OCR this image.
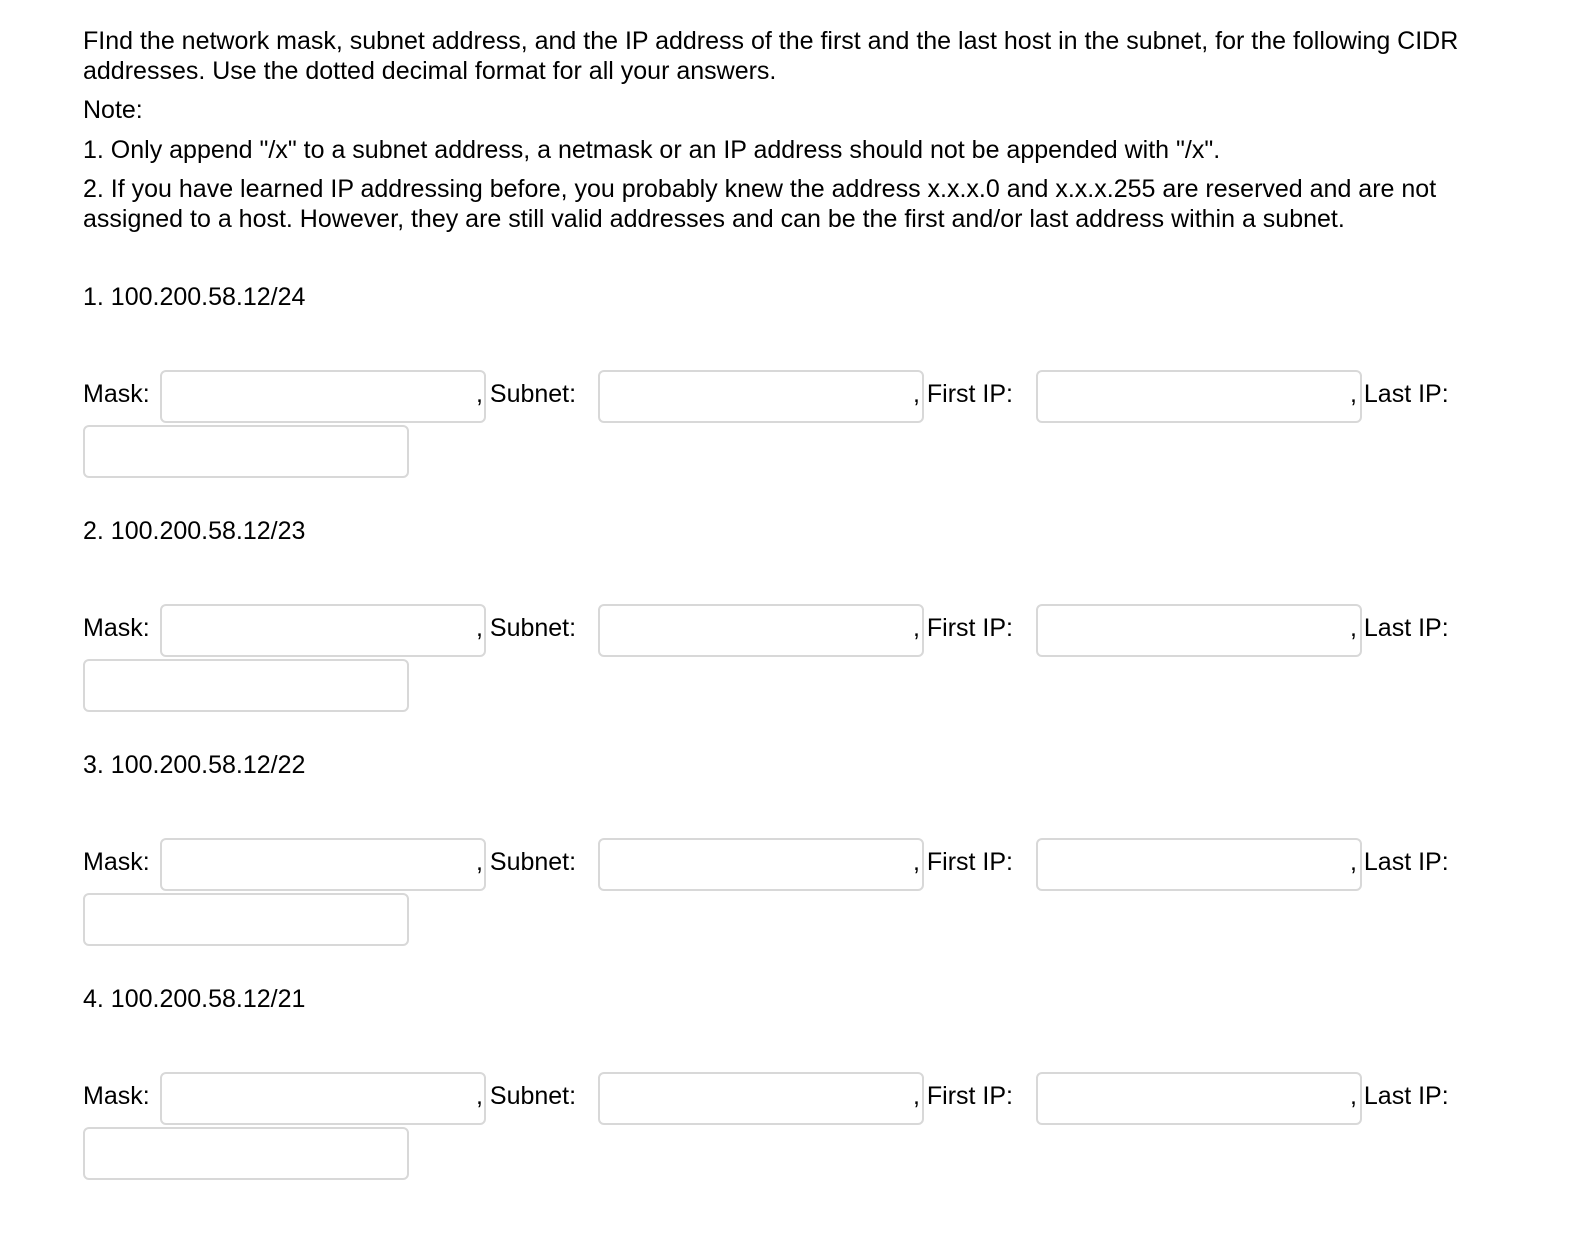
FInd the network mask, subnet address, and the IP address of the first and the last host in the subnet, for the following CIDR addresses. Use the dotted decimal format for all your answers.

Note:

1. Only append "/x" to a subnet address, a netmask or an IP address should not be appended with "/x".

2. If you have learned IP addressing before, you probably knew the address x.x.x.0 and x.x.x.255 are reserved and are not assigned to a host. However, they are still valid addresses and can be the first and/or last address within a subnet.

1. 100.200.58.12/24
Mask:	, Subnet:	, First IP:	, Last IP:
2. 100.200.58.12/23
Mask:	, Subnet:	, First IP:	, Last IP:
3. 100.200.58.12/22
Mask:	, Subnet:	, First IP:	, Last IP:
4. 100.200.58.12/21
Mask:	, Subnet:	, First IP:	, Last IP:
